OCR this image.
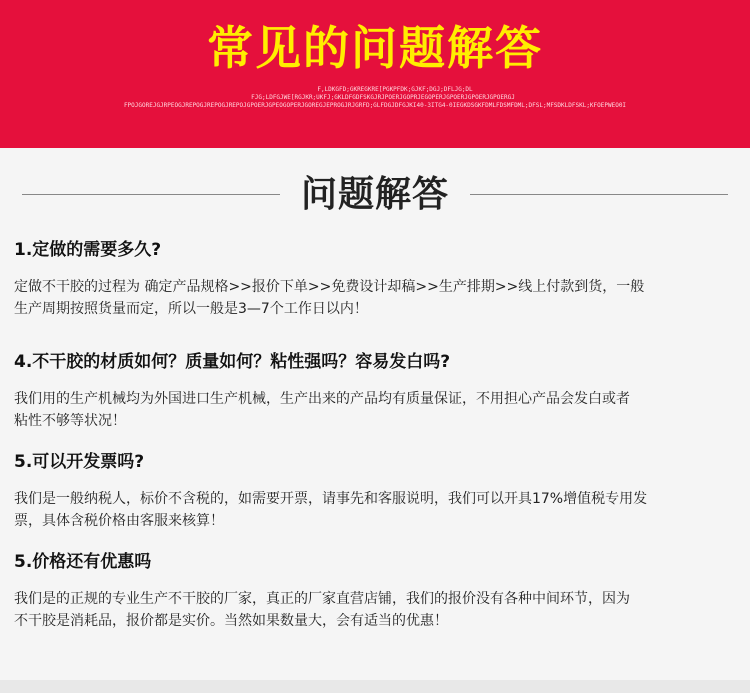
常见的问题解答
F,LDKGFD;GKREGKRE[PGKPFDK;GJKF;DGJ;DFLJG;DL
FJG;LDFGJWE[RGJKR;UKFJ;GKLDFGDFSKGJRJPOERJGOPRJEGOPERJGPOERJGPOERJGPOERGJ
FPOJGOREJGJRPEOGJREPOGJREPOGJREPOJGPOERJGPEOGOPERJGOREGJEPROGJRJGRFD;GLFDGJDFGJKI40-3ITG4-0IEGKDSGKFDMLFDSMFDML;DFSL;MFSDKLDFSKL;KFOEPWEO0I
问题解答

1.定做的需要多久?

定做不干胶的过程为 确定产品规格>>报价下单>>免费设计却稿>>生产排期>>线上付款到货，一般

生产周期按照货量而定，所以一般是3—7个工作日以内！

4.不干胶的材质如何？质量如何？粘性强吗？容易发白吗?

我们用的生产机械均为外国进口生产机械，生产出来的产品均有质量保证，不用担心产品会发白或者

粘性不够等状况！

5.可以开发票吗?

我们是一般纳税人，标价不含税的，如需要开票，请事先和客服说明，我们可以开具17%增值税专用发

票，具体含税价格由客服来核算！

5.价格还有优惠吗

我们是的正规的专业生产不干胶的厂家，真正的厂家直营店铺，我们的报价没有各种中间环节，因为

不干胶是消耗品，报价都是实价。当然如果数量大，会有适当的优惠！
